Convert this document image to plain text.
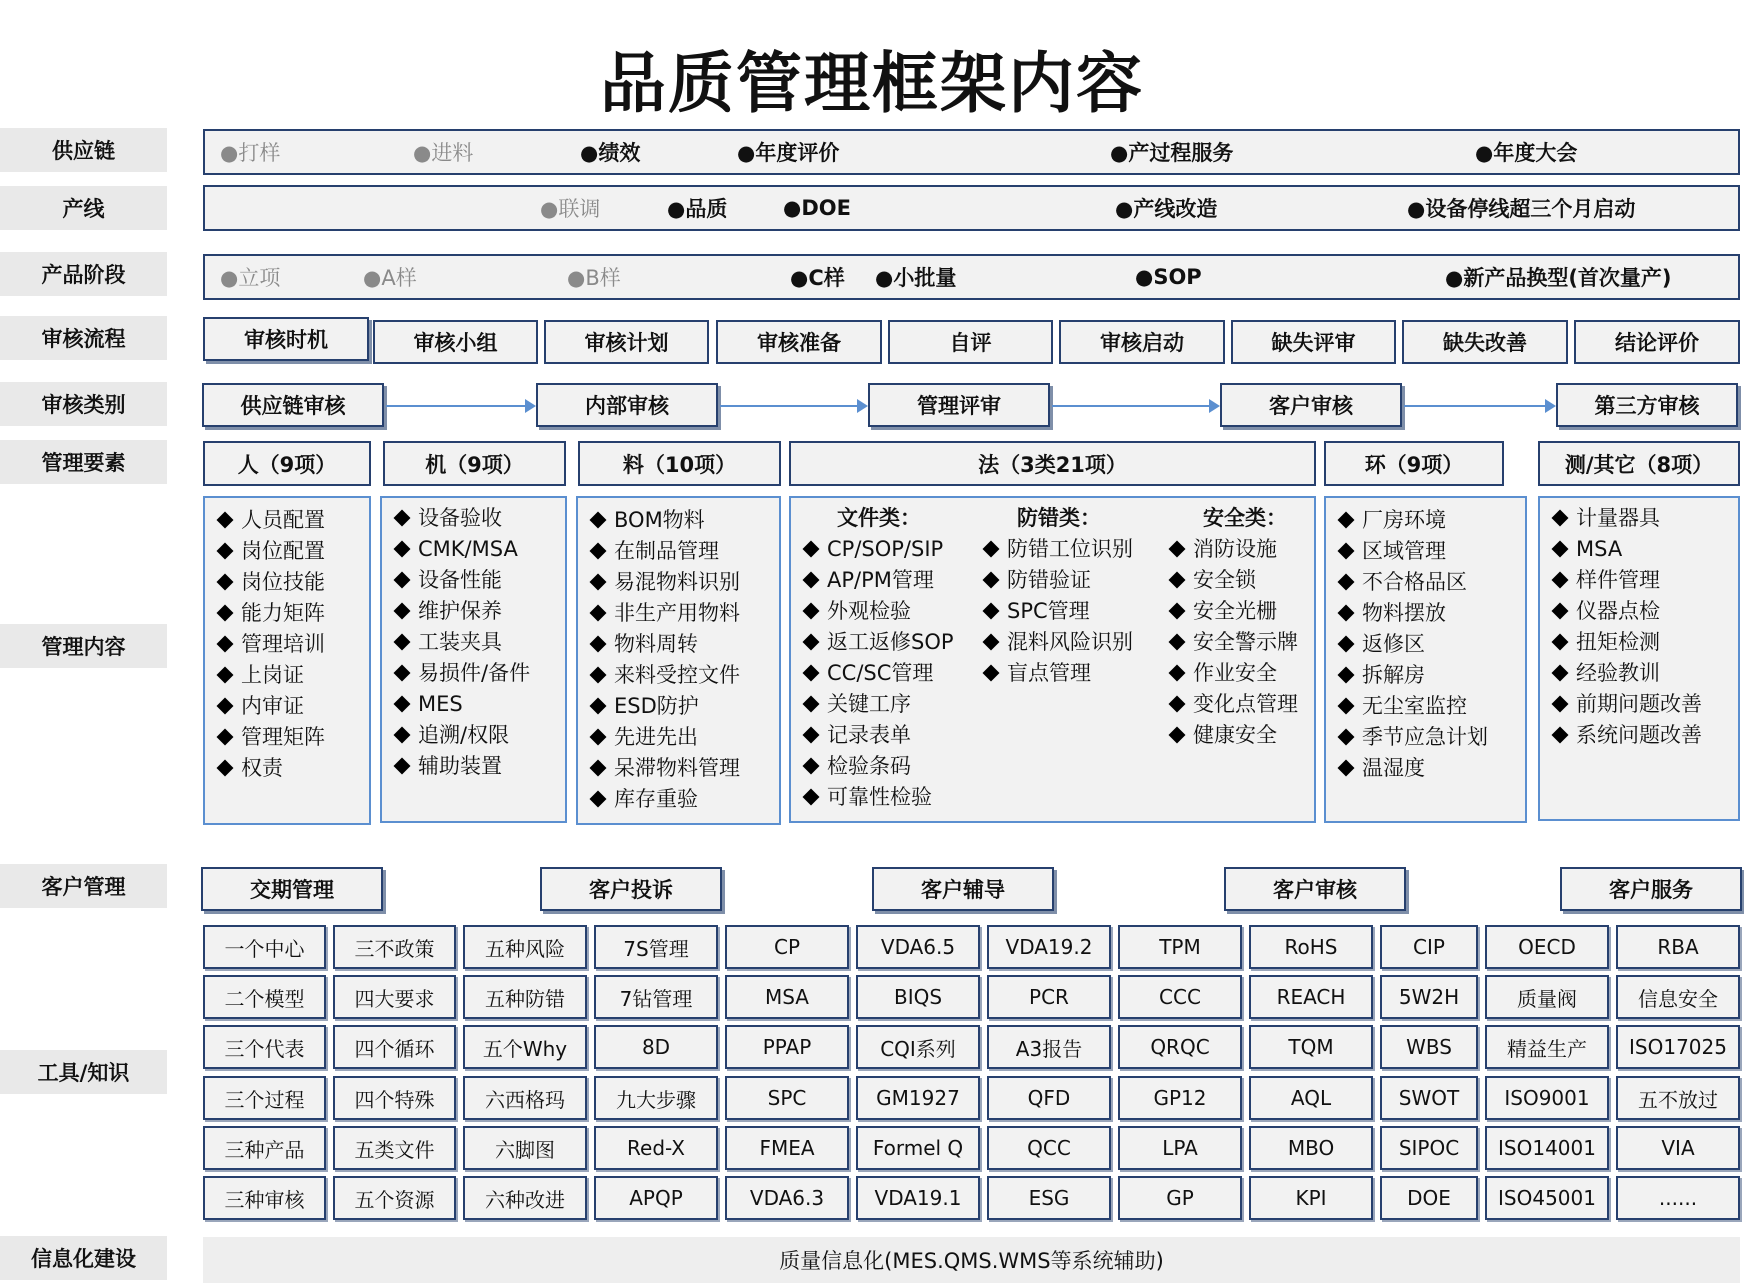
品质管理框架内容
供应链
产线
产品阶段
审核流程
审核类别
管理要素
管理内容
客户管理
工具/知识
信息化建设
●打样	●进料	●绩效	●年度评价	●产过程服务	●年度大会
●联调	●品质	●DOE	●产线改造	●设备停线超三个月启动
●立项	●A样	●B样	●C样 ●小批量	●SOP	●新产品换型(首次量产)
审核时机	审核小组	审核计划	审核准备	自评	审核启动	缺失评审	缺失改善	结论评价
供应链审核	内部审核	管理评审	客户审核	第三方审核
人（9项）	机（9项）	料（10项）	法（3类21项）	环（9项）	测/其它（8项）
人员配置
岗位配置
岗位技能
能力矩阵
管理培训
上岗证
内审证
管理矩阵
权责
设备验收
CMK/MSA
设备性能
维护保养
工装夹具
易损件/备件
MES
追溯/权限
辅助装置
BOM物料
在制品管理
易混物料识别
非生产用物料
物料周转
来料受控文件
ESD防护
先进先出
呆滞物料管理
库存重验
文件类：
CP/SOP/SIP
AP/PM管理
外观检验
返工返修SOP
CC/SC管理
关键工序
记录表单
检验条码
可靠性检验
防错类：
防错工位识别
防错验证
SPC管理
混料风险识别
盲点管理
安全类：
消防设施
安全锁
安全光栅
安全警示牌
作业安全
变化点管理
健康安全
厂房环境
区域管理
不合格品区
物料摆放
返修区
拆解房
无尘室监控
季节应急计划
温湿度
计量器具
MSA
样件管理
仪器点检
扭矩检测
经验教训
前期问题改善
系统问题改善
交期管理	客户投诉	客户辅导	客户审核	客户服务
一个中心	三不政策	五种风险	7S管理	CP	VDA6.5	VDA19.2	TPM	RoHS	CIP	OECD	RBA
二个模型	四大要求	五种防错	7钻管理	MSA	BIQS	PCR	CCC	REACH	5W2H	质量阀	信息安全
三个代表	四个循环	五个Why	8D	PPAP	CQI系列	A3报告	QRQC	TQM	WBS	精益生产	ISO17025
三个过程	四个特殊	六西格玛	九大步骤	SPC	GM1927	QFD	GP12	AQL	SWOT	ISO9001	五不放过
三种产品	五类文件	六脚图	Red-X	FMEA	Formel Q	QCC	LPA	MBO	SIPOC	ISO14001	VIA
三种审核	五个资源	六种改进	APQP	VDA6.3	VDA19.1	ESG	GP	KPI	DOE	ISO45001	......
质量信息化(MES.QMS.WMS等系统辅助)
